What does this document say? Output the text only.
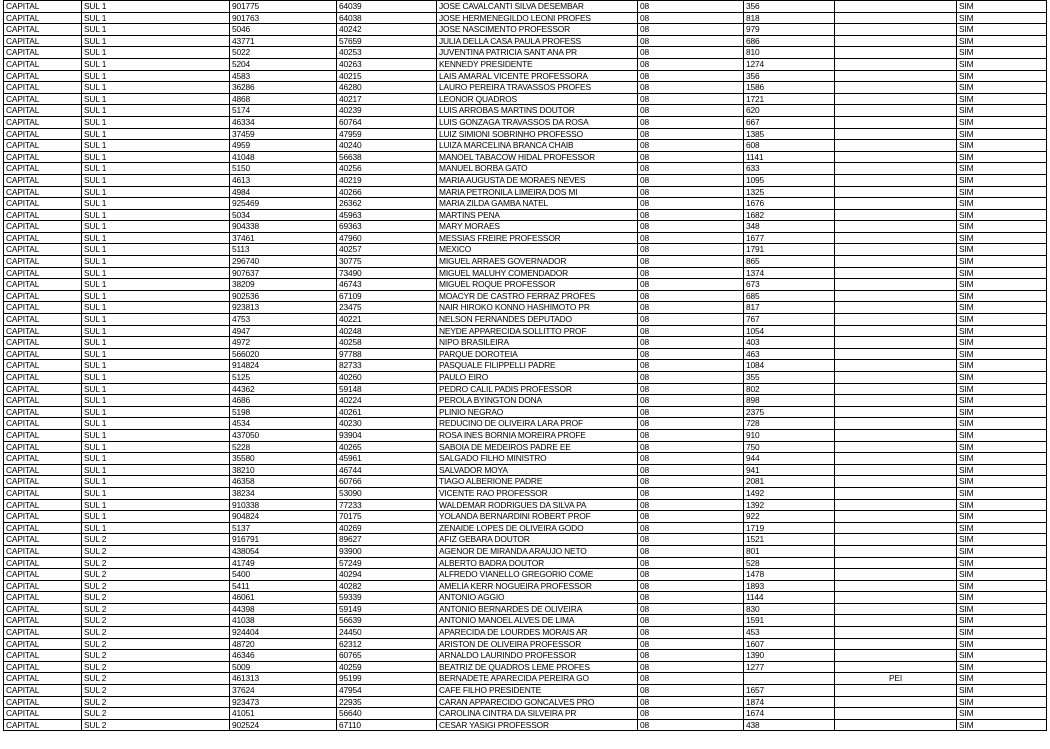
CAPITAL	SUL 1	901775	64039	JOSE CAVALCANTI SILVA DESEMBAR	08	356		SIM
CAPITAL	SUL 1	901763	64038	JOSE HERMENEGILDO LEONI PROFES	08	818		SIM
CAPITAL	SUL 1	5046	40242	JOSE NASCIMENTO PROFESSOR	08	979		SIM
CAPITAL	SUL 1	43771	57659	JULIA DELLA CASA PAULA PROFESS	08	686		SIM
CAPITAL	SUL 1	5022	40253	JUVENTINA PATRICIA SANT ANA PR	08	810		SIM
CAPITAL	SUL 1	5204	40263	KENNEDY PRESIDENTE	08	1274		SIM
CAPITAL	SUL 1	4583	40215	LAIS AMARAL VICENTE PROFESSORA	08	356		SIM
CAPITAL	SUL 1	36286	46280	LAURO PEREIRA TRAVASSOS PROFES	08	1586		SIM
CAPITAL	SUL 1	4868	40217	LEONOR QUADROS	08	1721		SIM
CAPITAL	SUL 1	5174	40239	LUIS ARROBAS MARTINS DOUTOR	08	620		SIM
CAPITAL	SUL 1	46334	60764	LUIS GONZAGA TRAVASSOS DA ROSA	08	667		SIM
CAPITAL	SUL 1	37459	47959	LUIZ SIMIONI SOBRINHO PROFESSO	08	1385		SIM
CAPITAL	SUL 1	4959	40240	LUIZA MARCELINA BRANCA CHAIB	08	608		SIM
CAPITAL	SUL 1	41048	56638	MANOEL TABACOW HIDAL PROFESSOR	08	1141		SIM
CAPITAL	SUL 1	5150	40256	MANUEL BORBA GATO	08	633		SIM
CAPITAL	SUL 1	4613	40219	MARIA AUGUSTA DE MORAES NEVES	08	1095		SIM
CAPITAL	SUL 1	4984	40266	MARIA PETRONILA LIMEIRA DOS MI	08	1325		SIM
CAPITAL	SUL 1	925469	26362	MARIA ZILDA GAMBA NATEL	08	1676		SIM
CAPITAL	SUL 1	5034	45963	MARTINS PENA	08	1682		SIM
CAPITAL	SUL 1	904338	69363	MARY MORAES	08	348		SIM
CAPITAL	SUL 1	37461	47960	MESSIAS FREIRE PROFESSOR	08	1677		SIM
CAPITAL	SUL 1	5113	40257	MEXICO	08	1791		SIM
CAPITAL	SUL 1	296740	30775	MIGUEL ARRAES GOVERNADOR	08	865		SIM
CAPITAL	SUL 1	907637	73490	MIGUEL MALUHY COMENDADOR	08	1374		SIM
CAPITAL	SUL 1	38209	46743	MIGUEL ROQUE PROFESSOR	08	673		SIM
CAPITAL	SUL 1	902536	67109	MOACYR DE CASTRO FERRAZ PROFES	08	685		SIM
CAPITAL	SUL 1	923813	23475	NAIR HIROKO KONNO HASHIMOTO PR	08	817		SIM
CAPITAL	SUL 1	4753	40221	NELSON FERNANDES DEPUTADO	08	767		SIM
CAPITAL	SUL 1	4947	40248	NEYDE APPARECIDA SOLLITTO PROF	08	1054		SIM
CAPITAL	SUL 1	4972	40258	NIPO BRASILEIRA	08	403		SIM
CAPITAL	SUL 1	566020	97788	PARQUE DOROTEIA	08	463		SIM
CAPITAL	SUL 1	914824	82733	PASQUALE FILIPPELLI PADRE	08	1084		SIM
CAPITAL	SUL 1	5125	40260	PAULO EIRO	08	355		SIM
CAPITAL	SUL 1	44362	59148	PEDRO CALIL PADIS PROFESSOR	08	802		SIM
CAPITAL	SUL 1	4686	40224	PEROLA BYINGTON DONA	08	898		SIM
CAPITAL	SUL 1	5198	40261	PLINIO NEGRAO	08	2375		SIM
CAPITAL	SUL 1	4534	40230	REDUCINO DE OLIVEIRA LARA PROF	08	728		SIM
CAPITAL	SUL 1	437050	93904	ROSA INES BORNIA MOREIRA PROFE	08	910		SIM
CAPITAL	SUL 1	5228	40265	SABOIA DE MEDEIROS PADRE EE	08	750		SIM
CAPITAL	SUL 1	35580	45961	SALGADO FILHO MINISTRO	08	944		SIM
CAPITAL	SUL 1	38210	46744	SALVADOR MOYA	08	941		SIM
CAPITAL	SUL 1	46358	60766	TIAGO ALBERIONE PADRE	08	2081		SIM
CAPITAL	SUL 1	38234	53090	VICENTE RAO PROFESSOR	08	1492		SIM
CAPITAL	SUL 1	910338	77233	WALDEMAR RODRIGUES DA SILVA PA	08	1392		SIM
CAPITAL	SUL 1	904824	70175	YOLANDA BERNARDINI ROBERT PROF	08	922		SIM
CAPITAL	SUL 1	5137	40269	ZENAIDE LOPES DE OLIVEIRA GODO	08	1719		SIM
CAPITAL	SUL 2	916791	89627	AFIZ GEBARA DOUTOR	08	1521		SIM
CAPITAL	SUL 2	438054	93900	AGENOR DE MIRANDA ARAUJO NETO	08	801		SIM
CAPITAL	SUL 2	41749	57249	ALBERTO BADRA DOUTOR	08	528		SIM
CAPITAL	SUL 2	5400	40294	ALFREDO VIANELLO GREGORIO COME	08	1478		SIM
CAPITAL	SUL 2	5411	40282	AMELIA KERR NOGUEIRA PROFESSOR	08	1893		SIM
CAPITAL	SUL 2	46061	59339	ANTONIO AGGIO	08	1144		SIM
CAPITAL	SUL 2	44398	59149	ANTONIO BERNARDES DE OLIVEIRA	08	830		SIM
CAPITAL	SUL 2	41038	56639	ANTONIO MANOEL ALVES DE LIMA	08	1591		SIM
CAPITAL	SUL 2	924404	24450	APARECIDA DE LOURDES MORAIS AR	08	453		SIM
CAPITAL	SUL 2	48720	62312	ARISTON DE OLIVEIRA PROFESSOR	08	1607		SIM
CAPITAL	SUL 2	46346	60765	ARNALDO LAURINDO PROFESSOR	08	1390		SIM
CAPITAL	SUL 2	5009	40259	BEATRIZ DE QUADROS LEME PROFES	08	1277		SIM
CAPITAL	SUL 2	461313	95199	BERNADETE APARECIDA PEREIRA GO	08		PEI	SIM
CAPITAL	SUL 2	37624	47954	CAFE FILHO PRESIDENTE	08	1657		SIM
CAPITAL	SUL 2	923473	22935	CARAN APPARECIDO GONCALVES PRO	08	1874		SIM
CAPITAL	SUL 2	41051	56640	CAROLINA CINTRA DA SILVEIRA PR	08	1674		SIM
CAPITAL	SUL 2	902524	67110	CESAR YASIGI PROFESSOR	08	438		SIM
